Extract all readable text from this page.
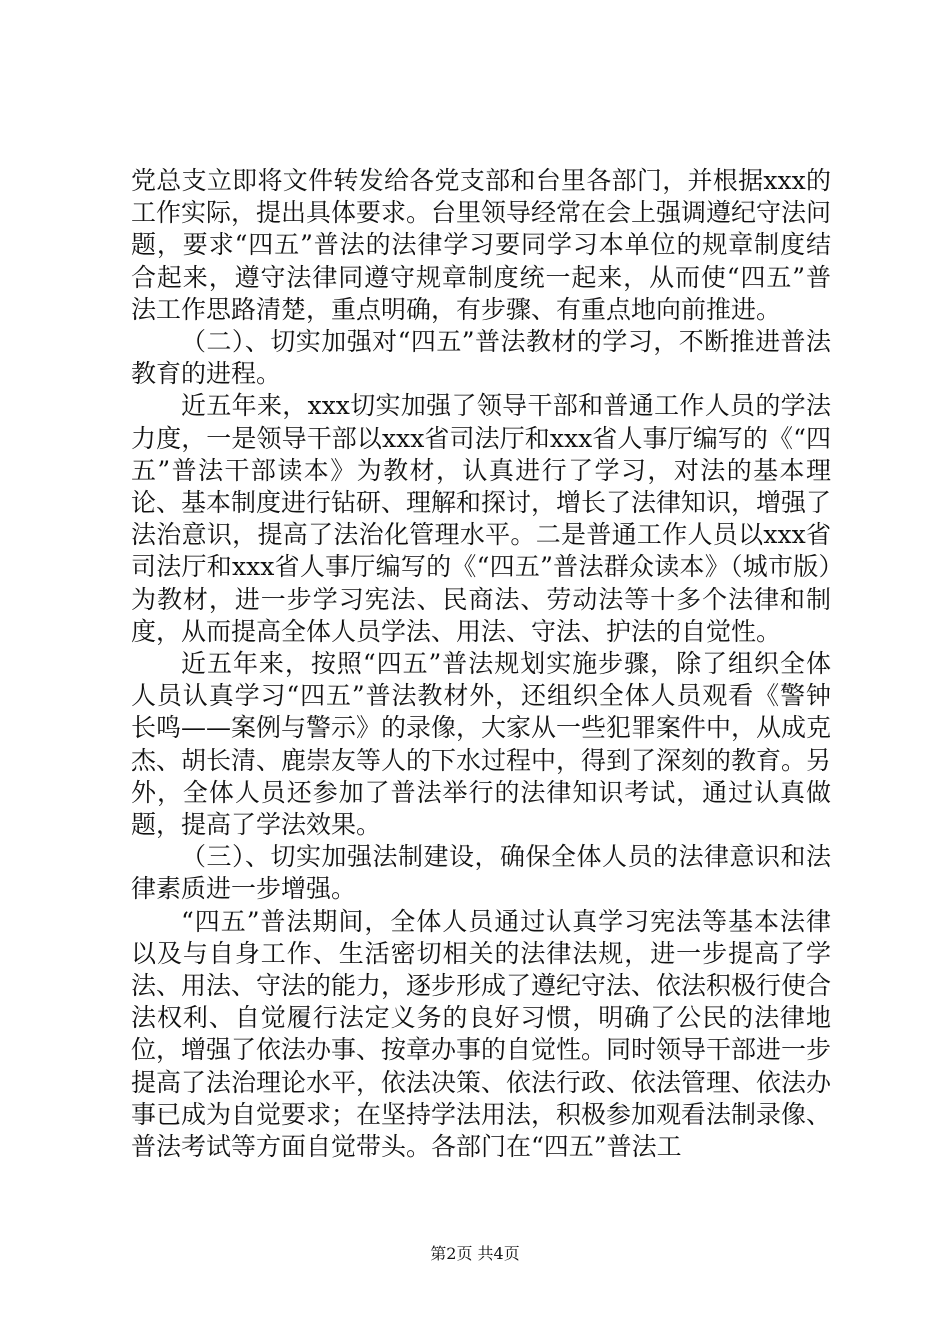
党总支立即将文件转发给各党支部和台里各部门，并根据xxx的工作实际，提出具体要求。台里领导经常在会上强调遵纪守法问题，要求“四五”普法的法律学习要同学习本单位的规章制度结合起来，遵守法律同遵守规章制度统一起来，从而使“四五”普法工作思路清楚，重点明确，有步骤、有重点地向前推进。

（二）、切实加强对“四五”普法教材的学习，不断推进普法教育的进程。

近五年来，xxx切实加强了领导干部和普通工作人员的学法力度，一是领导干部以xxx省司法厅和xxx省人事厅编写的《“四五”普法干部读本》为教材，认真进行了学习，对法的基本理论、基本制度进行钻研、理解和探讨，增长了法律知识，增强了法治意识，提高了法治化管理水平。二是普通工作人员以xxx省司法厅和xxx省人事厅编写的《“四五”普法群众读本》（城市版）为教材，进一步学习宪法、民商法、劳动法等十多个法律和制度，从而提高全体人员学法、用法、守法、护法的自觉性。

近五年来，按照“四五”普法规划实施步骤，除了组织全体人员认真学习“四五”普法教材外，还组织全体人员观看《警钟长鸣——案例与警示》的录像，大家从一些犯罪案件中，从成克杰、胡长清、鹿崇友等人的下水过程中，得到了深刻的教育。另外，全体人员还参加了普法举行的法律知识考试，通过认真做题，提高了学法效果。

（三）、切实加强法制建设，确保全体人员的法律意识和法律素质进一步增强。

“四五”普法期间，全体人员通过认真学习宪法等基本法律以及与自身工作、生活密切相关的法律法规，进一步提高了学法、用法、守法的能力，逐步形成了遵纪守法、依法积极行使合法权利、自觉履行法定义务的良好习惯，明确了公民的法律地位，增强了依法办事、按章办事的自觉性。同时领导干部进一步提高了法治理论水平，依法决策、依法行政、依法管理、依法办事已成为自觉要求；在坚持学法用法，积极参加观看法制录像、普法考试等方面自觉带头。各部门在“四五”普法工

第2页 共4页
